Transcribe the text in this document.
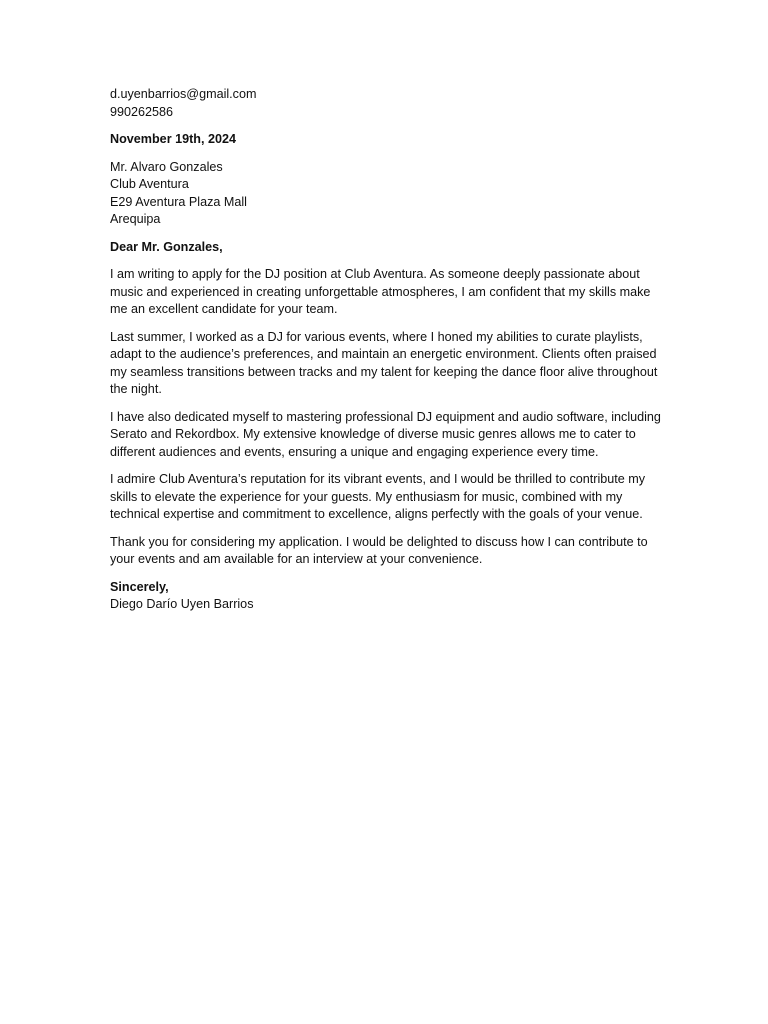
d.uyenbarrios@gmail.com
990262586
November 19th, 2024
Mr. Alvaro Gonzales
Club Aventura
E29 Aventura Plaza Mall
Arequipa
Dear Mr. Gonzales,

I am writing to apply for the DJ position at Club Aventura. As someone deeply passionate about music and experienced in creating unforgettable atmospheres, I am confident that my skills make me an excellent candidate for your team.

Last summer, I worked as a DJ for various events, where I honed my abilities to curate playlists, adapt to the audience’s preferences, and maintain an energetic environment. Clients often praised my seamless transitions between tracks and my talent for keeping the dance floor alive throughout the night.

I have also dedicated myself to mastering professional DJ equipment and audio software, including Serato and Rekordbox. My extensive knowledge of diverse music genres allows me to cater to different audiences and events, ensuring a unique and engaging experience every time.

I admire Club Aventura’s reputation for its vibrant events, and I would be thrilled to contribute my skills to elevate the experience for your guests. My enthusiasm for music, combined with my technical expertise and commitment to excellence, aligns perfectly with the goals of your venue.

Thank you for considering my application. I would be delighted to discuss how I can contribute to your events and am available for an interview at your convenience.

Sincerely,
Diego Darío Uyen Barrios
